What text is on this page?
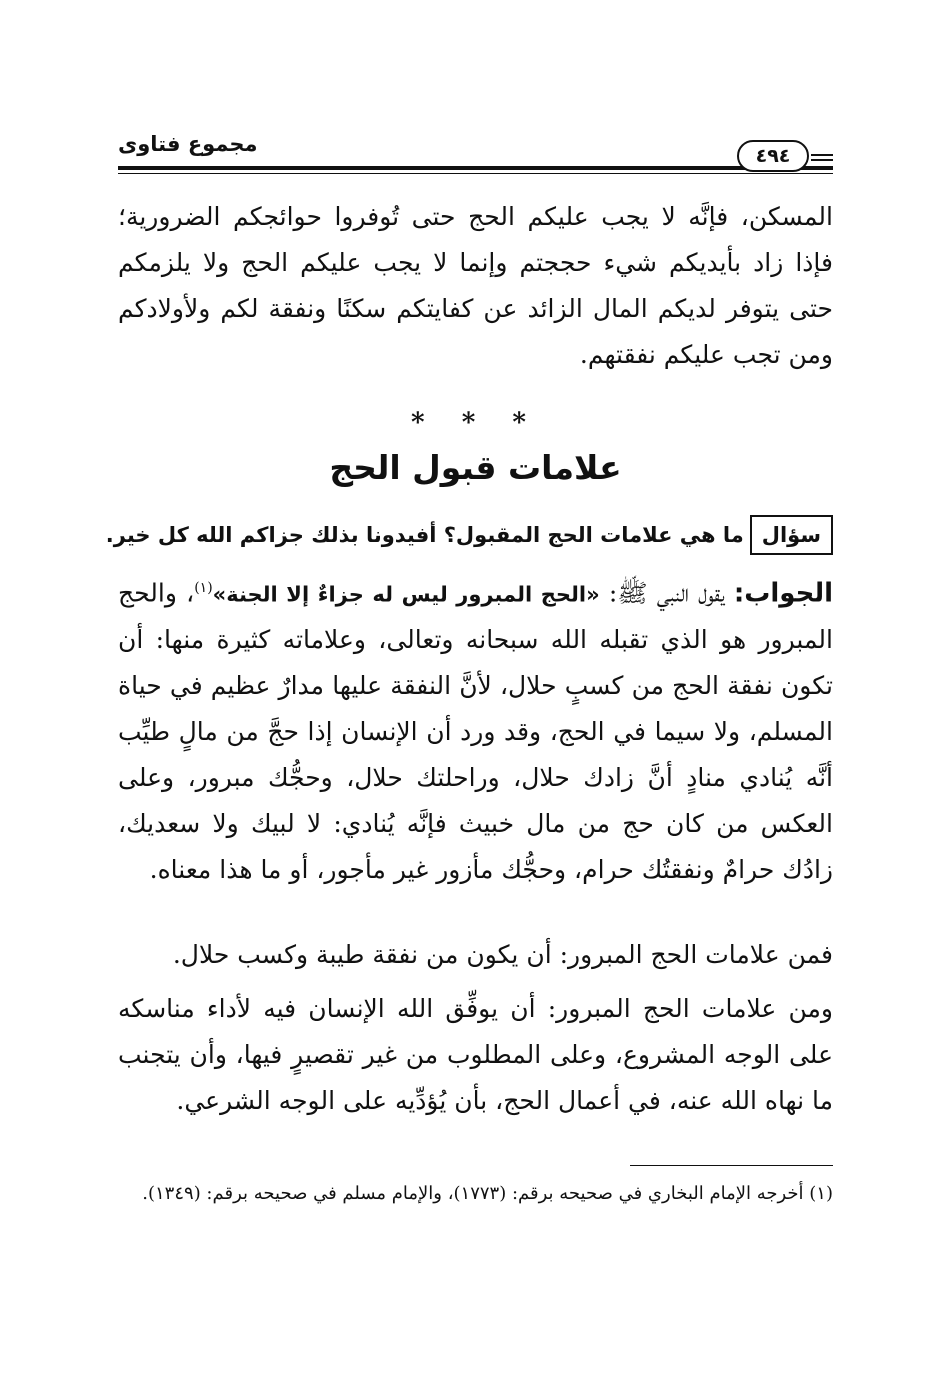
مجموع فتاوى	٤٩٤

المسكن، فإنَّه لا يجب عليكم الحج حتى تُوفروا حوائجكم الضرورية؛ فإذا زاد بأيديكم شيء حججتم وإنما لا يجب عليكم الحج ولا يلزمكم حتى يتوفر لديكم المال الزائد عن كفايتكم سكنًا ونفقة لكم ولأولادكم ومن تجب عليكم نفقتهم.

* * *
علامات قبول الحج
سؤالما هي علامات الحج المقبول؟ أفيدونا بذلك جزاكم الله كل خير.

الجواب: يقول النبي ﷺ: «الحج المبرور ليس له جزاءٌ إلا الجنة»$^{(١)}$، والحج المبرور هو الذي تقبله الله سبحانه وتعالى، وعلاماته كثيرة منها: أن تكون نفقة الحج من كسبٍ حلال، لأنَّ النفقة عليها مدارٌ عظيم في حياة المسلم، ولا سيما في الحج، وقد ورد أن الإنسان إذا حجَّ من مالٍ طيِّب أنَّه يُنادي منادٍ أنَّ زادك حلال، وراحلتك حلال، وحجُّك مبرور، وعلى العكس من كان حج من مال خبيث فإنَّه يُنادي: لا لبيك ولا سعديك، زادُك حرامٌ ونفقتُك حرام، وحجُّك مأزور غير مأجور، أو ما هذا معناه.

فمن علامات الحج المبرور: أن يكون من نفقة طيبة وكسب حلال.

ومن علامات الحج المبرور: أن يوفِّق الله الإنسان فيه لأداء مناسكه على الوجه المشروع، وعلى المطلوب من غير تقصيرٍ فيها، وأن يتجنب ما نهاه الله عنه، في أعمال الحج، بأن يُؤدِّيه على الوجه الشرعي.

(١) أخرجه الإمام البخاري في صحيحه برقم: (١٧٧٣)، والإمام مسلم في صحيحه برقم: (١٣٤٩).
